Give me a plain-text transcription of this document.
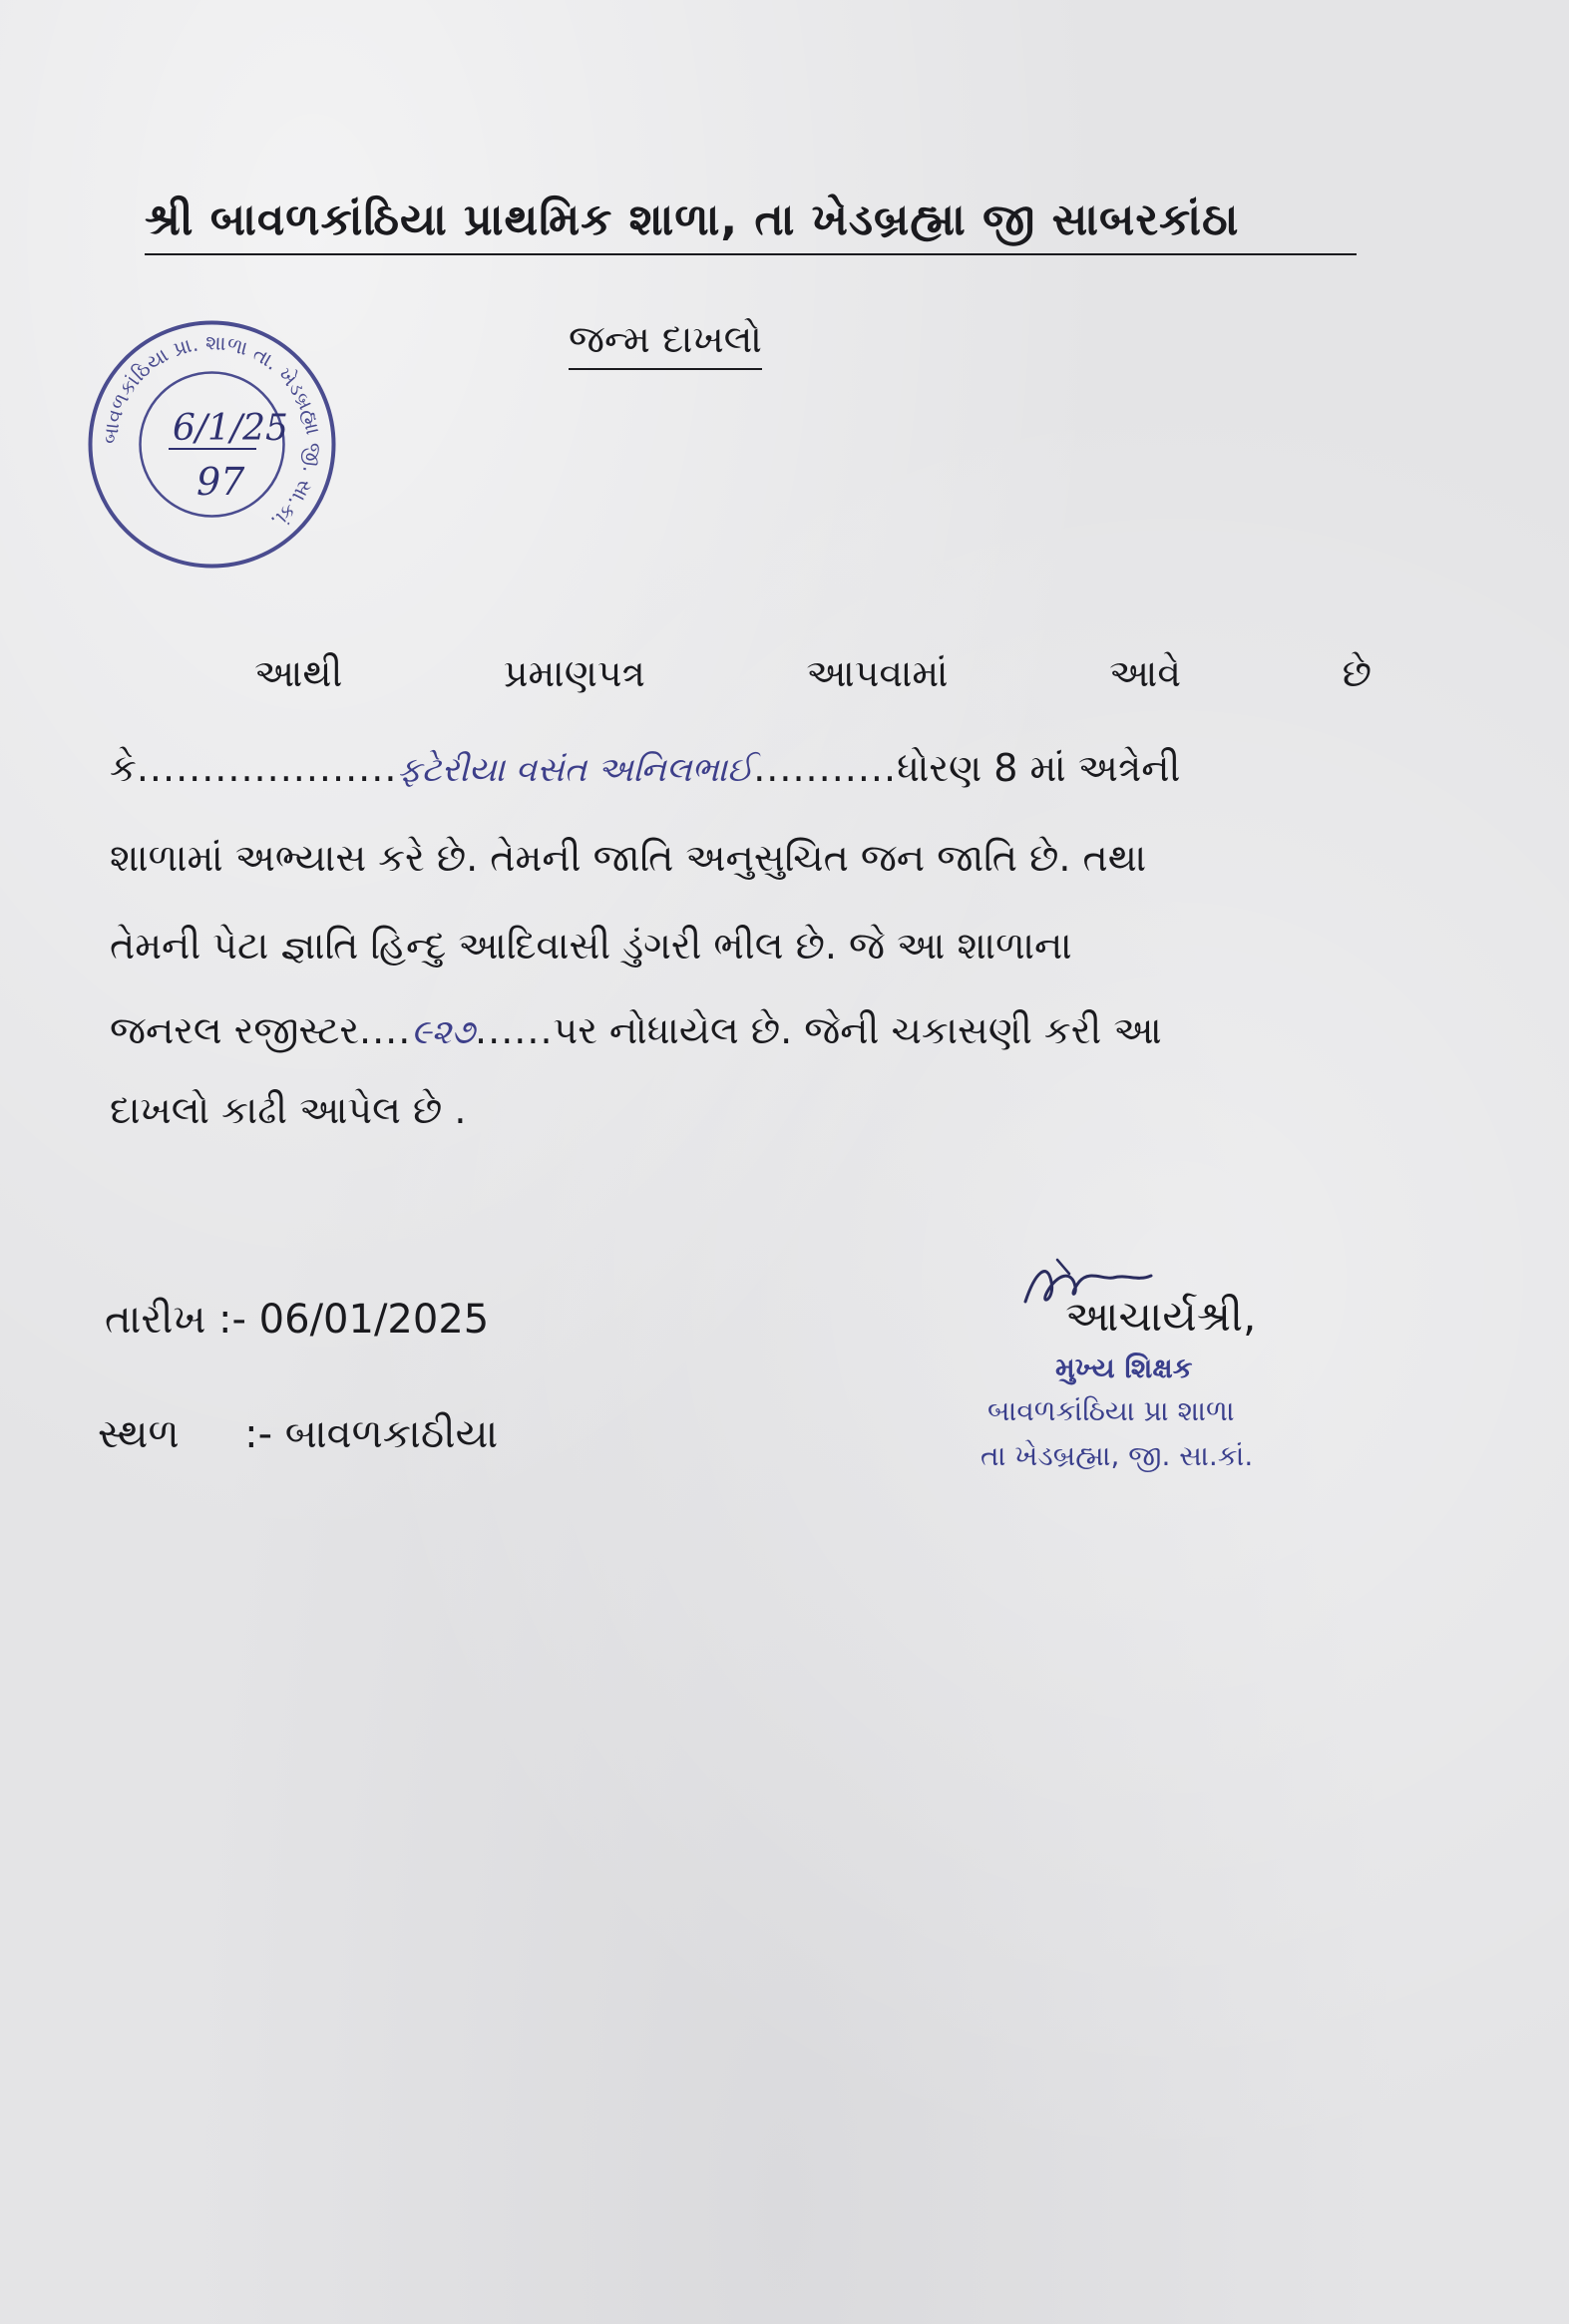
શ્રી બાવળકાંઠિયા પ્રાથમિક શાળા, તા ખેડબ્રહ્મા જી સાબરકાંઠા
જન્મ દાખલો
બાવળકાંઠિયા પ્રા. શાળા તા. ખેડબ્રહ્મા જી. સા.કાં.
6/1/25
97
આથી	પ્રમાણપત્ર	આપવામાં	આવે	છે
કે....................ફટેરીયા વસંત અનિલભાઈ...........ધોરણ 8 માં અત્રેની
શાળામાં અભ્યાસ કરે છે. તેમની જાતિ અનુસુચિત જન જાતિ છે. તથા
તેમની પેટા જ્ઞાતિ હિન્દુ આદિવાસી ડુંગરી ભીલ છે. જે આ શાળાના
જનરલ રજીસ્ટર....૯૨૭......પર નોધાયેલ છે. જેની ચકાસણી કરી આ
દાખલો કાઢી આપેલ છે .
તારીખ :- 06/01/2025
સ્થળ :- બાવળકાઠીયા
આચાર્યશ્રી,
મુખ્ય શિક્ષક
બાવળકાંઠિયા પ્રા શાળા
તા ખેડબ્રહ્મા, જી. સા.કાં.
